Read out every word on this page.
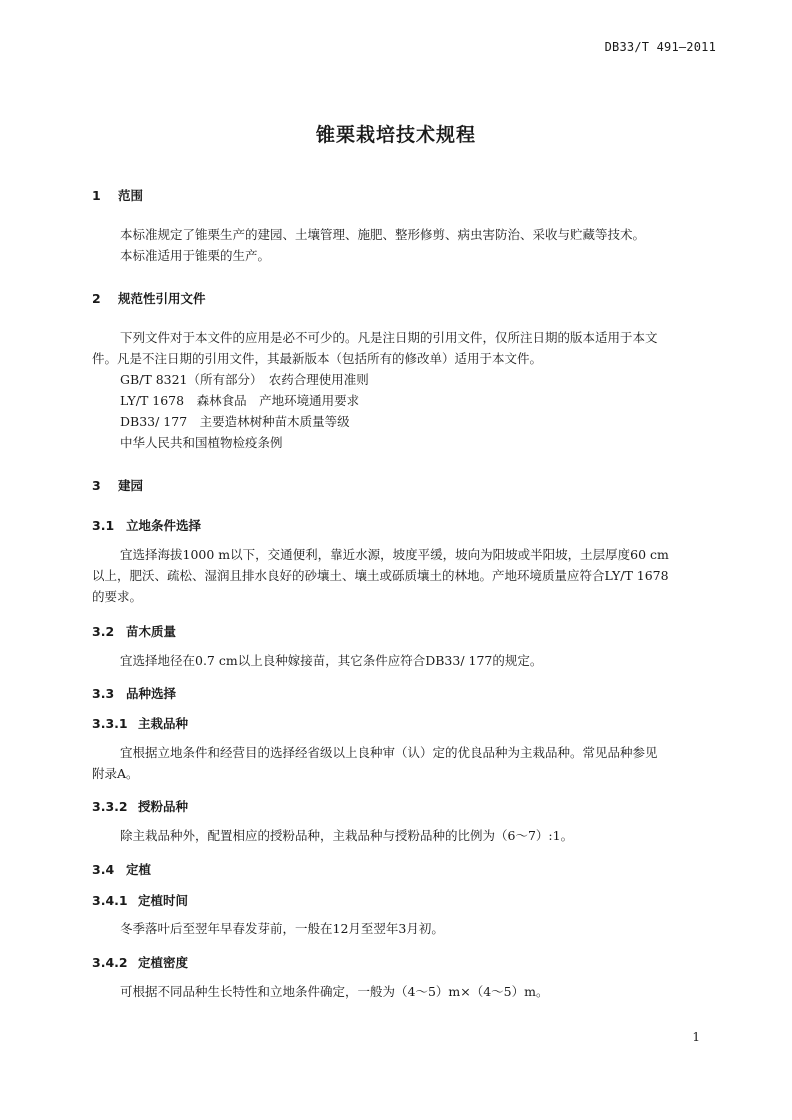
DB33/T 491—2011
锥栗栽培技术规程
1 范围
本标准规定了锥栗生产的建园、土壤管理、施肥、整形修剪、病虫害防治、采收与贮藏等技术。
本标准适用于锥栗的生产。
2 规范性引用文件
下列文件对于本文件的应用是必不可少的。凡是注日期的引用文件，仅所注日期的版本适用于本文
件。凡是不注日期的引用文件，其最新版本（包括所有的修改单）适用于本文件。
GB/T 8321（所有部分）　农药合理使用准则
LY/T 1678　森林食品　产地环境通用要求
DB33/ 177　主要造林树种苗木质量等级
中华人民共和国植物检疫条例
3 建园
3.1 立地条件选择
宜选择海拔1000 m以下，交通便利，靠近水源，坡度平缓，坡向为阳坡或半阳坡，土层厚度60 cm
以上，肥沃、疏松、湿润且排水良好的砂壤土、壤土或砾质壤土的林地。产地环境质量应符合LY/T 1678
的要求。
3.2 苗木质量
宜选择地径在0.7 cm以上良种嫁接苗，其它条件应符合DB33/ 177的规定。
3.3 品种选择
3.3.1 主栽品种
宜根据立地条件和经营目的选择经省级以上良种审（认）定的优良品种为主栽品种。常见品种参见
附录A。
3.3.2 授粉品种
除主栽品种外，配置相应的授粉品种，主栽品种与授粉品种的比例为（6～7）:1。
3.4 定植
3.4.1 定植时间
冬季落叶后至翌年早春发芽前，一般在12月至翌年3月初。
3.4.2 定植密度
可根据不同品种生长特性和立地条件确定，一般为（4～5）m×（4～5）m。
1
